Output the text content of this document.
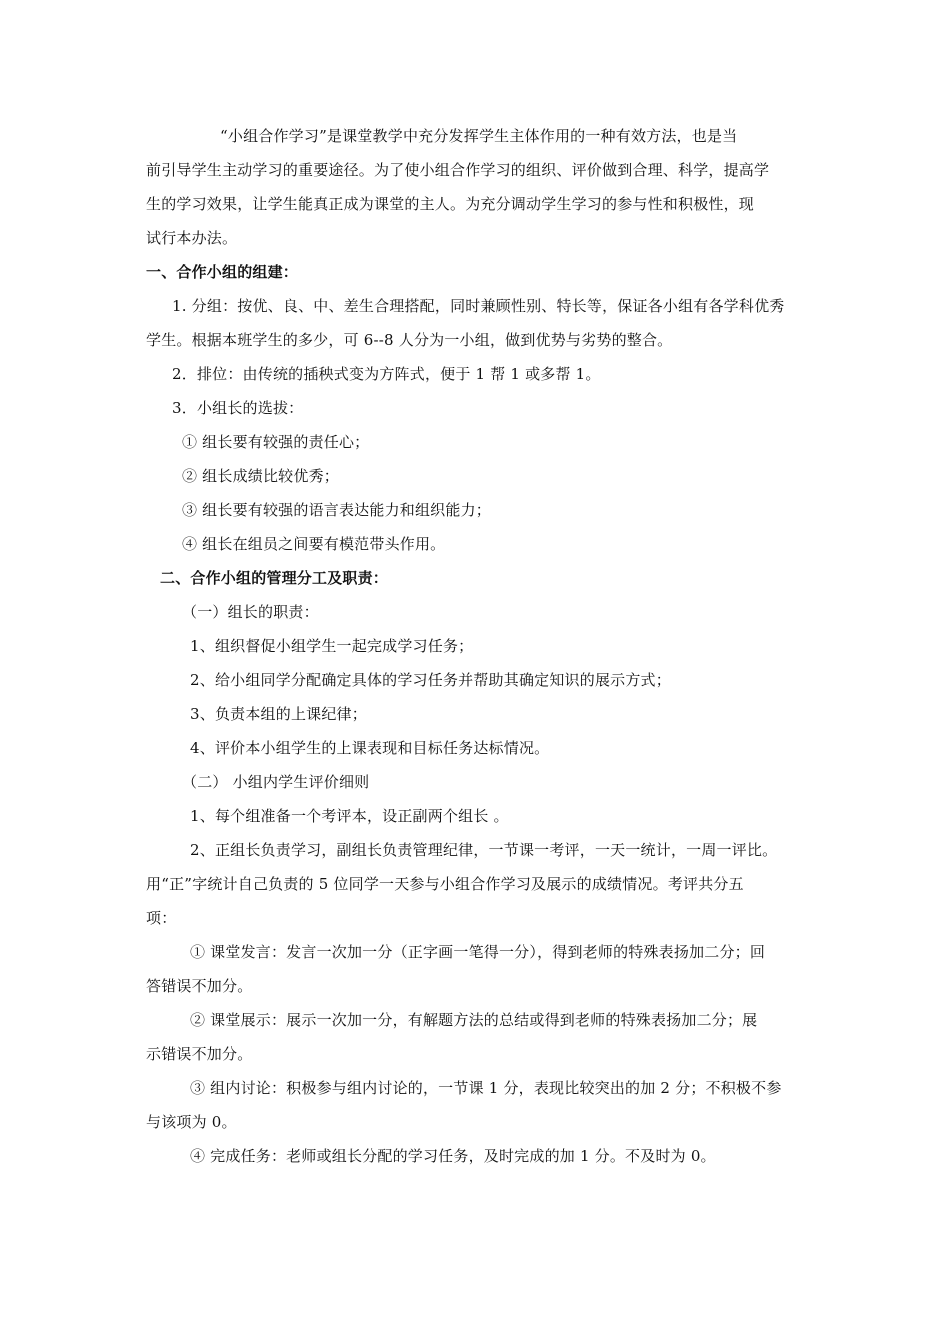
“小组合作学习”是课堂教学中充分发挥学生主体作用的一种有效方法，也是当
前引导学生主动学习的重要途径。为了使小组合作学习的组织、评价做到合理、科学，提高学
生的学习效果，让学生能真正成为课堂的主人。为充分调动学生学习的参与性和积极性，现
试行本办法。
一、合作小组的组建：
1. 分组：按优、良、中、差生合理搭配，同时兼顾性别、特长等，保证各小组有各学科优秀
学生。根据本班学生的多少，可 6--8 人分为一小组，做到优势与劣势的整合。
2．排位：由传统的插秧式变为方阵式，便于 1 帮 1 或多帮 1。
3．小组长的选拔：
① 组长要有较强的责任心；
② 组长成绩比较优秀；
③ 组长要有较强的语言表达能力和组织能力；
④ 组长在组员之间要有模范带头作用。
二、合作小组的管理分工及职责：
（一）组长的职责：
1、组织督促小组学生一起完成学习任务；
2、给小组同学分配确定具体的学习任务并帮助其确定知识的展示方式；
3、负责本组的上课纪律；
4、评价本小组学生的上课表现和目标任务达标情况。
（二） 小组内学生评价细则
1、每个组准备一个考评本，设正副两个组长 。
2、正组长负责学习，副组长负责管理纪律，一节课一考评，一天一统计，一周一评比。
用“正”字统计自己负责的 5 位同学一天参与小组合作学习及展示的成绩情况。考评共分五
项：
① 课堂发言：发言一次加一分（正字画一笔得一分），得到老师的特殊表扬加二分；回
答错误不加分。
② 课堂展示：展示一次加一分，有解题方法的总结或得到老师的特殊表扬加二分；展
示错误不加分。
③ 组内讨论：积极参与组内讨论的，一节课 1 分，表现比较突出的加 2 分；不积极不参
与该项为 0。
④ 完成任务：老师或组长分配的学习任务，及时完成的加 1 分。不及时为 0。
